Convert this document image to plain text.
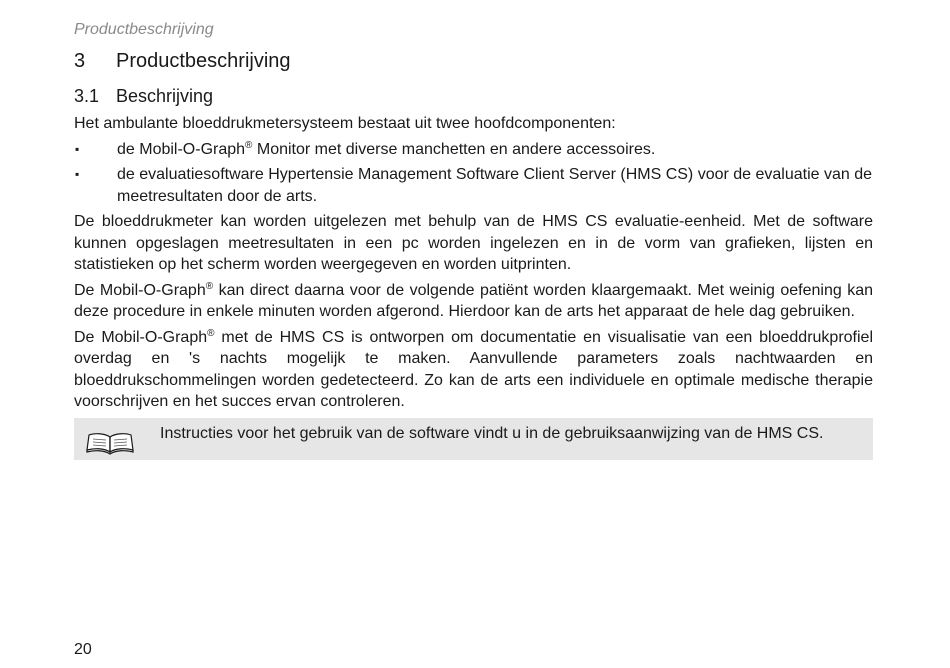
Productbeschrijving
3	Productbeschrijving
3.1 Beschrijving

Het ambulante bloeddrukmetersysteem bestaat uit twee hoofdcomponenten:

▪	de Mobil-O-Graph® Monitor met diverse manchetten en andere accessoires.
▪	de evaluatiesoftware Hypertensie Management Software Client Server (HMS CS) voor de evaluatie van de meetresultaten door de arts.

De bloeddrukmeter kan worden uitgelezen met behulp van de HMS CS evaluatie-eenheid. Met de software kunnen opgeslagen meetresultaten in een pc worden ingelezen en in de vorm van grafieken, lijsten en statistieken op het scherm worden weergegeven en worden uitprinten.

De Mobil-O-Graph® kan direct daarna voor de volgende patiënt worden klaargemaakt. Met weinig oefening kan deze procedure in enkele minuten worden afgerond. Hierdoor kan de arts het apparaat de hele dag gebruiken.

De Mobil-O-Graph® met de HMS CS is ontworpen om documentatie en visualisatie van een bloeddrukprofiel overdag en 's nachts mogelijk te maken. Aanvullende parameters zoals nachtwaarden en bloeddrukschommelingen worden gedetecteerd. Zo kan de arts een individuele en optimale medische therapie voorschrijven en het succes ervan controleren.

Instructies voor het gebruik van de software vindt u in de gebruiksaanwijzing van de HMS CS.
20
